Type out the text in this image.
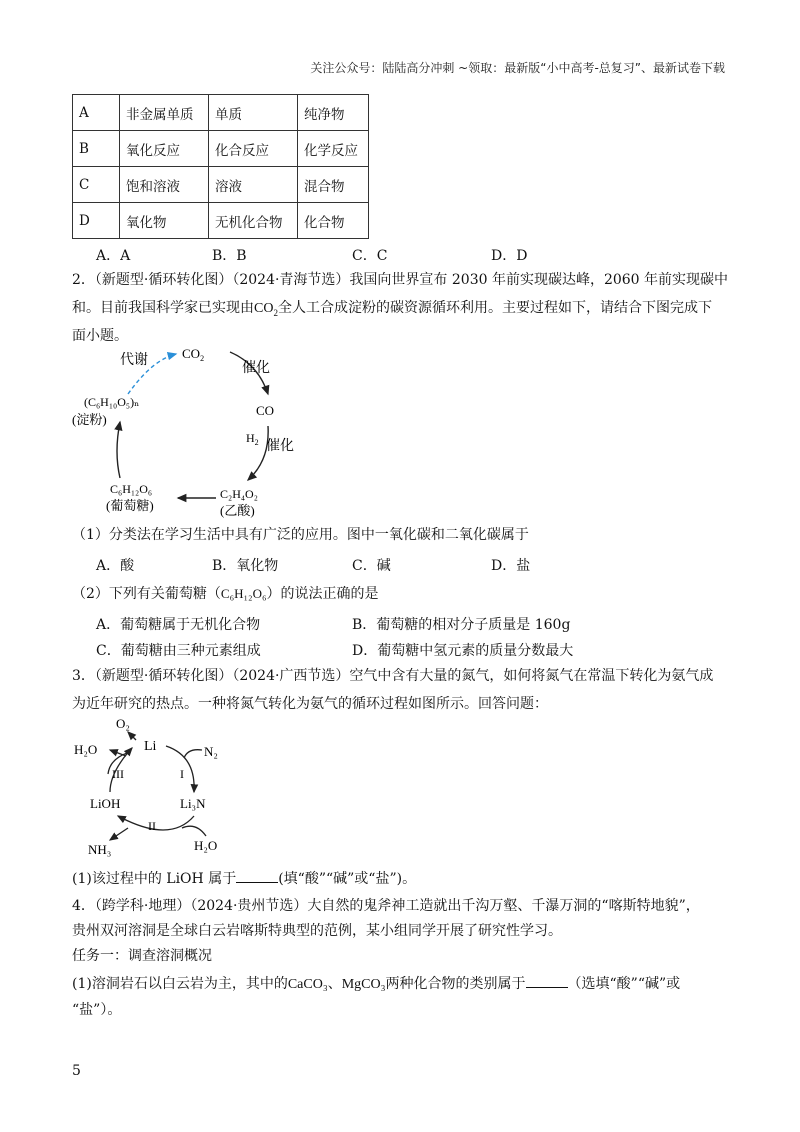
关注公众号：陆陆高分冲刺 ~领取：最新版“小中高考-总复习”、最新试卷下载
A	非金属单质	单质	纯净物
B	氧化反应	化合反应	化学反应
C	饱和溶液	溶液	混合物
D	氧化物	无机化合物	化合物
A．A	B．B	C．C	D．D
2．（新题型·循环转化图）（2024·青海节选）我国向世界宣布 2030 年前实现碳达峰，2060 年前实现碳中
和。目前我国科学家已实现由$CO_2$全人工合成淀粉的碳资源循环利用。主要过程如下，请结合下图完成下
面小题。
代谢	$CO_2$
催化
CO
$H_2$ 催化
C₂H₄O₂
(乙酸)
C₆H₁₂O₆
(葡萄糖)
(C₆H₁₀O₅)ₙ
(淀粉)
（1）分类法在学习生活中具有广泛的应用。图中一氧化碳和二氧化碳属于
A．酸	B．氧化物	C．碱	D．盐
（2）下列有关葡萄糖（C₆H₁₂O₆）的说法正确的是
A．葡萄糖属于无机化合物	B．葡萄糖的相对分子质量是 160g
C．葡萄糖由三种元素组成	D．葡萄糖中氢元素的质量分数最大
3．（新题型·循环转化图）（2024·广西节选）空气中含有大量的氮气，如何将氮气在常温下转化为氨气成
为近年研究的热点。一种将氮气转化为氨气的循环过程如图所示。回答问题：
O₂
Li	N₂
H₂O
III	I
LiOH	Li₃N
II
NH₃	H₂O
(1)该过程中的 LiOH 属于	(填“酸”“碱”或“盐”)。
4．（跨学科·地理）（2024·贵州节选）大自然的鬼斧神工造就出千沟万壑、千瀑万洞的“喀斯特地貌”，
贵州双河溶洞是全球白云岩喀斯特典型的范例，某小组同学开展了研究性学习。
任务一：调查溶洞概况
(1)溶洞岩石以白云岩为主，其中的CaCO₃、MgCO₃两种化合物的类别属于	（选填“酸”“碱”或
“盐”）。
5
